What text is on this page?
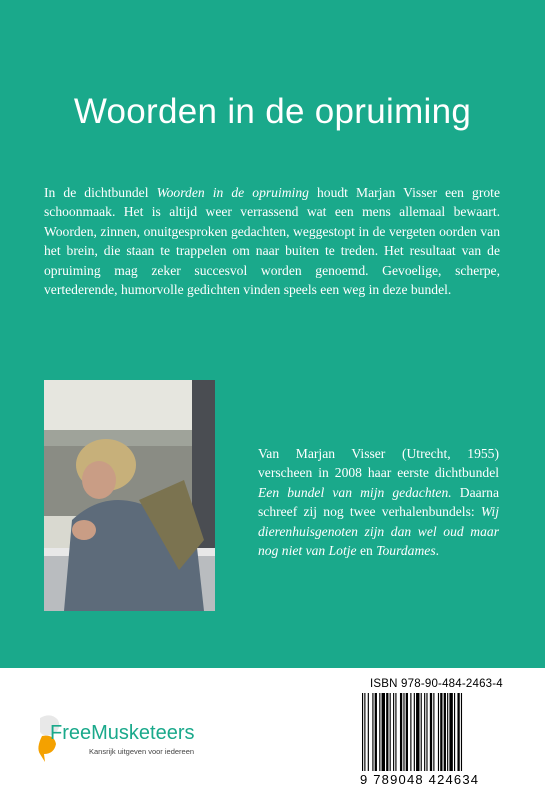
Woorden in de opruiming
In de dichtbundel Woorden in de opruiming houdt Marjan Visser een grote schoonmaak. Het is altijd weer verrassend wat een mens allemaal bewaart. Woorden, zinnen, onuitgesproken gedachten, weggestopt in de vergeten oorden van het brein, die staan te trappelen om naar buiten te treden. Het resultaat van de opruiming mag zeker succesvol worden genoemd. Gevoelige, scherpe, vertederende, humorvolle gedichten vinden speels een weg in deze bundel.
Van Marjan Visser (Utrecht, 1955) verscheen in 2008 haar eerste dichtbundel Een bundel van mijn gedachten. Daarna schreef zij nog twee verhalenbundels: Wij dierenhuisgenoten zijn dan wel oud maar nog niet van Lotje en Tourdames.
FreeMusketeers
Kansrijk uitgeven voor iedereen
ISBN 978-90-484-2463-4
9 789048 424634
